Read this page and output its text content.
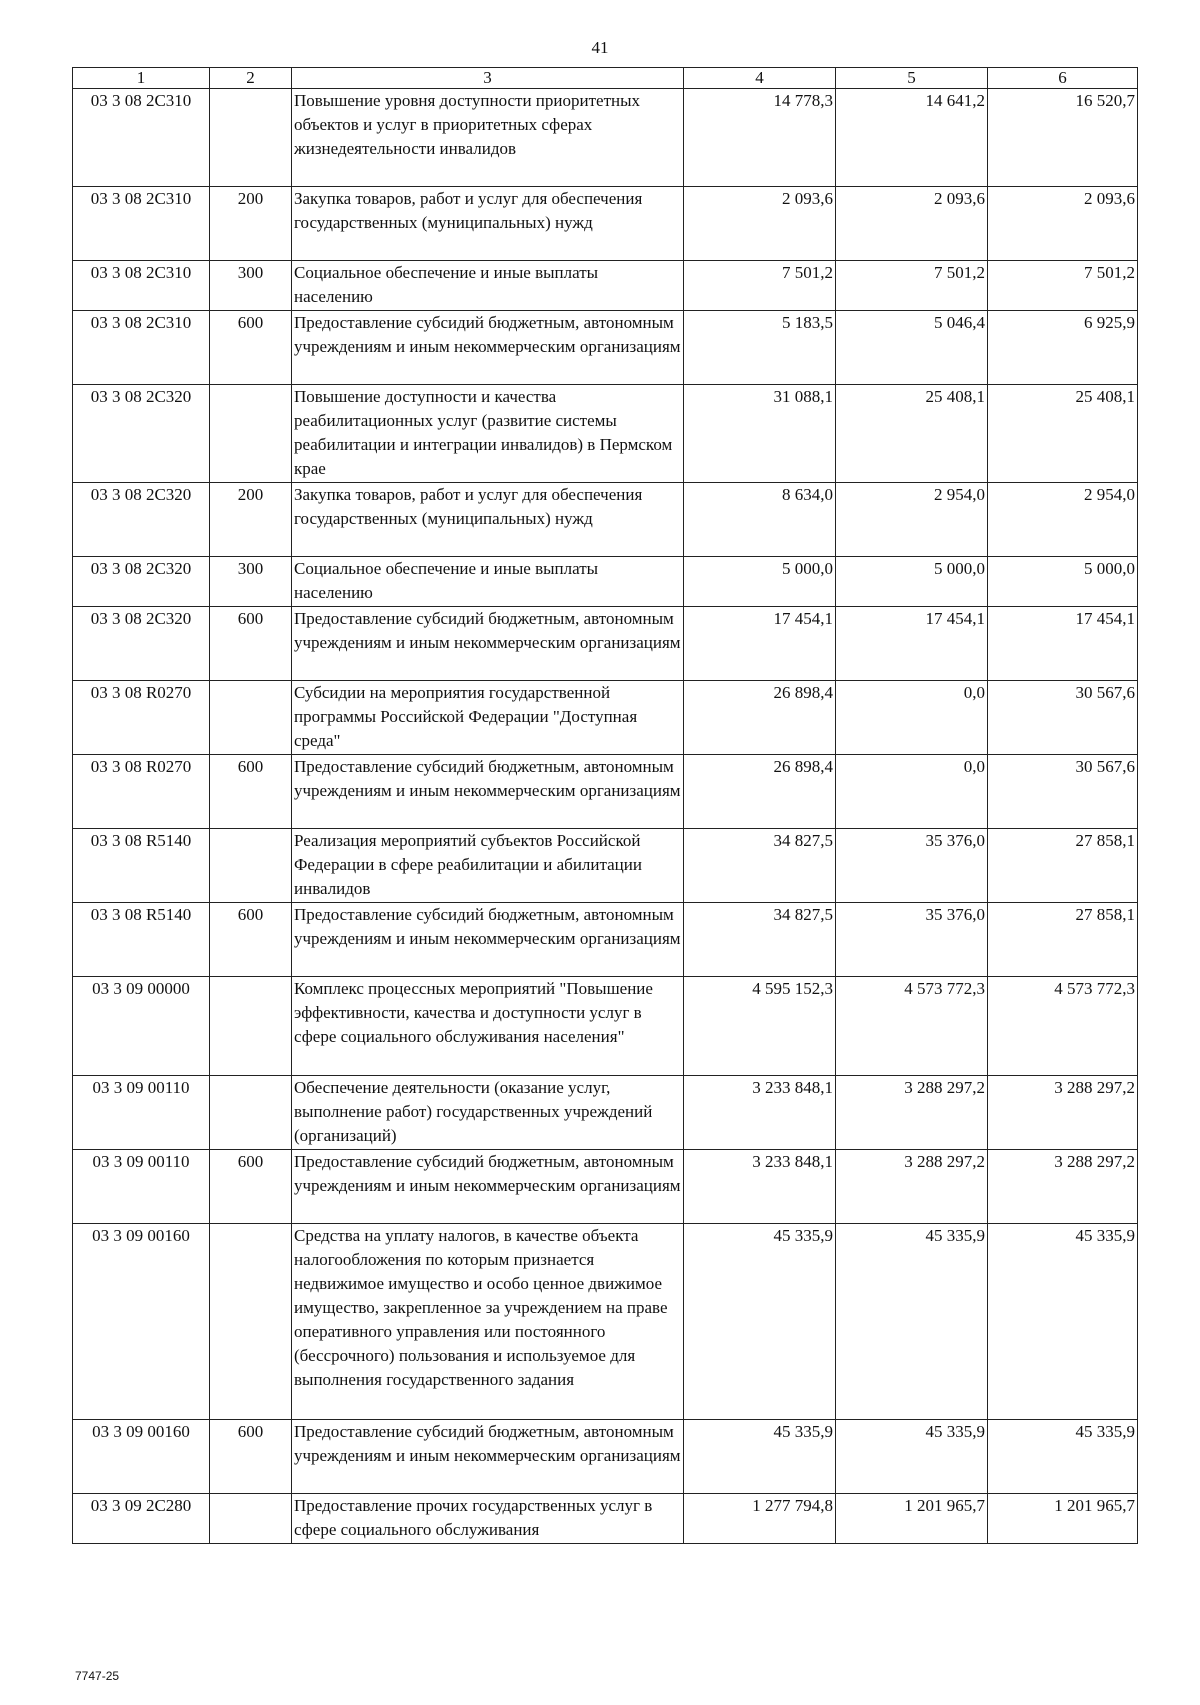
41
1	2	3	4	5	6
03 3 08 2С310		Повышение уровня доступности приоритетных объектов и услуг в приоритетных сферах жизнедеятельности инвалидов	14 778,3	14 641,2	16 520,7
03 3 08 2С310	200	Закупка товаров, работ и услуг для обеспечения государственных (муниципальных) нужд	2 093,6	2 093,6	2 093,6
03 3 08 2С310	300	Социальное обеспечение и иные выплаты населению	7 501,2	7 501,2	7 501,2
03 3 08 2С310	600	Предоставление субсидий бюджетным, автономным учреждениям и иным некоммерческим организациям	5 183,5	5 046,4	6 925,9
03 3 08 2С320		Повышение доступности и качества реабилитационных услуг (развитие системы реабилитации и интеграции инвалидов) в Пермском крае	31 088,1	25 408,1	25 408,1
03 3 08 2С320	200	Закупка товаров, работ и услуг для обеспечения государственных (муниципальных) нужд	8 634,0	2 954,0	2 954,0
03 3 08 2С320	300	Социальное обеспечение и иные выплаты населению	5 000,0	5 000,0	5 000,0
03 3 08 2С320	600	Предоставление субсидий бюджетным, автономным учреждениям и иным некоммерческим организациям	17 454,1	17 454,1	17 454,1
03 3 08 R0270		Субсидии на мероприятия государственной программы Российской Федерации "Доступная среда"	26 898,4	0,0	30 567,6
03 3 08 R0270	600	Предоставление субсидий бюджетным, автономным учреждениям и иным некоммерческим организациям	26 898,4	0,0	30 567,6
03 3 08 R5140		Реализация мероприятий субъектов Российской Федерации в сфере реабилитации и абилитации инвалидов	34 827,5	35 376,0	27 858,1
03 3 08 R5140	600	Предоставление субсидий бюджетным, автономным учреждениям и иным некоммерческим организациям	34 827,5	35 376,0	27 858,1
03 3 09 00000		Комплекс процессных мероприятий "Повышение эффективности, качества и доступности услуг в сфере социального обслуживания населения"	4 595 152,3	4 573 772,3	4 573 772,3
03 3 09 00110		Обеспечение деятельности (оказание услуг, выполнение работ) государственных учреждений (организаций)	3 233 848,1	3 288 297,2	3 288 297,2
03 3 09 00110	600	Предоставление субсидий бюджетным, автономным учреждениям и иным некоммерческим организациям	3 233 848,1	3 288 297,2	3 288 297,2
03 3 09 00160		Средства на уплату налогов, в качестве объекта налогообложения по которым признается недвижимое имущество и особо ценное движимое имущество, закрепленное за учреждением на праве оперативного управления или постоянного (бессрочного) пользования и используемое для выполнения государственного задания	45 335,9	45 335,9	45 335,9
03 3 09 00160	600	Предоставление субсидий бюджетным, автономным учреждениям и иным некоммерческим организациям	45 335,9	45 335,9	45 335,9
03 3 09 2С280		Предоставление прочих государственных услуг в сфере социального обслуживания	1 277 794,8	1 201 965,7	1 201 965,7
7747-25
